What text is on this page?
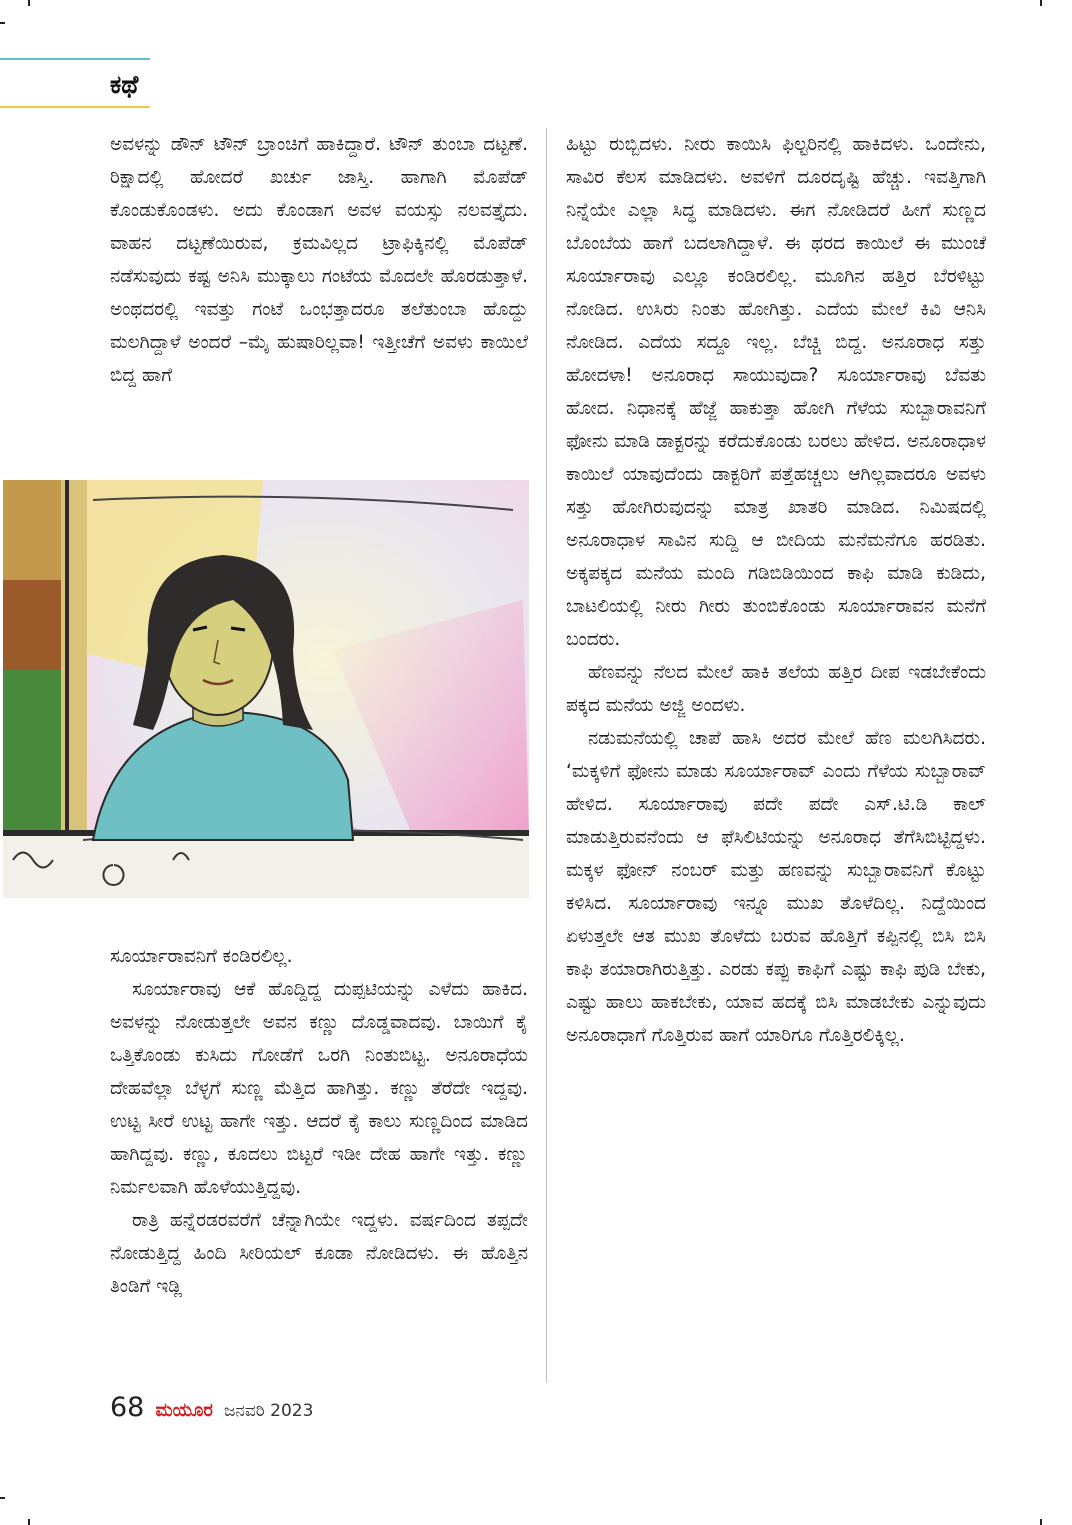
ಕಥೆ

ಅವಳನ್ನು ಡೌನ್ ಟೌನ್ ಬ್ರಾಂಚಿಗೆ ಹಾಕಿದ್ದಾರೆ. ಟೌನ್ ತುಂಬಾ ದಟ್ಟಣೆ. ರಿಕ್ಷಾದಲ್ಲಿ ಹೋದರೆ ಖರ್ಚು ಜಾಸ್ತಿ. ಹಾಗಾಗಿ ಮೊಪೆಡ್ ಕೊಂಡುಕೊಂಡಳು. ಅದು ಕೊಂಡಾಗ ಅವಳ ವಯಸ್ಸು ನಲವತ್ತೈದು. ವಾಹನ ದಟ್ಟಣೆಯಿರುವ, ಕ್ರಮವಿಲ್ಲದ ಟ್ರಾಫಿಕ್ಕಿನಲ್ಲಿ ಮೊಪೆಡ್ ನಡೆಸುವುದು ಕಷ್ಟ ಅನಿಸಿ ಮುಕ್ಕಾಲು ಗಂಟೆಯ ಮೊದಲೇ ಹೊರಡುತ್ತಾಳೆ. ಅಂಥದರಲ್ಲಿ ಇವತ್ತು ಗಂಟೆ ಒಂಭತ್ತಾದರೂ ತಲೆತುಂಬಾ ಹೊದ್ದು ಮಲಗಿದ್ದಾಳೆ ಅಂದರೆ –ಮೈ ಹುಷಾರಿಲ್ಲವಾ! ಇತ್ತೀಚೆಗೆ ಅವಳು ಕಾಯಿಲೆ ಬಿದ್ದ ಹಾಗೆ

ಸೂರ್ಯಾರಾವನಿಗೆ ಕಂಡಿರಲಿಲ್ಲ.

ಸೂರ್ಯಾರಾವು ಆಕೆ ಹೊದ್ದಿದ್ದ ದುಪ್ಪಟಿಯನ್ನು ಎಳೆದು ಹಾಕಿದ. ಅವಳನ್ನು ನೋಡುತ್ತಲೇ ಅವನ ಕಣ್ಣು ದೊಡ್ಡವಾದವು. ಬಾಯಿಗೆ ಕೈ ಒತ್ತಿಕೊಂಡು ಕುಸಿದು ಗೋಡೆಗೆ ಒರಗಿ ನಿಂತುಬಿಟ್ಟ. ಅನೂರಾಧೆಯ ದೇಹವೆಲ್ಲಾ ಬೆಳ್ಳಗೆ ಸುಣ್ಣ ಮೆತ್ತಿದ ಹಾಗಿತ್ತು. ಕಣ್ಣು ತೆರೆದೇ ಇದ್ದವು. ಉಟ್ಟ ಸೀರೆ ಉಟ್ಟ ಹಾಗೇ ಇತ್ತು. ಆದರೆ ಕೈ ಕಾಲು ಸುಣ್ಣದಿಂದ ಮಾಡಿದ ಹಾಗಿದ್ದವು. ಕಣ್ಣು, ಕೂದಲು ಬಿಟ್ಟರೆ ಇಡೀ ದೇಹ ಹಾಗೇ ಇತ್ತು. ಕಣ್ಣು ನಿರ್ಮಲವಾಗಿ ಹೊಳೆಯುತ್ತಿದ್ದವು.

ರಾತ್ರಿ ಹನ್ನೆರಡರವರೆಗೆ ಚೆನ್ನಾಗಿಯೇ ಇದ್ದಳು. ವರ್ಷದಿಂದ ತಪ್ಪದೇ ನೋಡುತ್ತಿದ್ದ ಹಿಂದಿ ಸೀರಿಯಲ್ ಕೂಡಾ ನೋಡಿದಳು. ಈ ಹೊತ್ತಿನ ತಿಂಡಿಗೆ ಇಡ್ಲಿ

ಹಿಟ್ಟು ರುಬ್ಬಿದಳು. ನೀರು ಕಾಯಿಸಿ ಫಿಲ್ಟರಿನಲ್ಲಿ ಹಾಕಿದಳು. ಒಂದೇನು, ಸಾವಿರ ಕೆಲಸ ಮಾಡಿದಳು. ಅವಳಿಗೆ ದೂರದೃಷ್ಟಿ ಹೆಚ್ಚು. ಇವತ್ತಿಗಾಗಿ ನಿನ್ನೆಯೇ ಎಲ್ಲಾ ಸಿದ್ಧ ಮಾಡಿದಳು. ಈಗ ನೋಡಿದರೆ ಹೀಗೆ ಸುಣ್ಣದ ಬೊಂಬೆಯ ಹಾಗೆ ಬದಲಾಗಿದ್ದಾಳೆ. ಈ ಥರದ ಕಾಯಿಲೆ ಈ ಮುಂಚೆ ಸೂರ್ಯಾರಾವು ಎಲ್ಲೂ ಕಂಡಿರಲಿಲ್ಲ. ಮೂಗಿನ ಹತ್ತಿರ ಬೆರಳಿಟ್ಟು ನೋಡಿದ. ಉಸಿರು ನಿಂತು ಹೋಗಿತ್ತು. ಎದೆಯ ಮೇಲೆ ಕಿವಿ ಆನಿಸಿ ನೋಡಿದ. ಎದೆಯ ಸದ್ದೂ ಇಲ್ಲ. ಬೆಚ್ಚಿ ಬಿದ್ದ. ಅನೂರಾಧ ಸತ್ತು ಹೋದಳಾ! ಅನೂರಾಧ ಸಾಯುವುದಾ? ಸೂರ್ಯಾರಾವು ಬೆವತು ಹೋದ. ನಿಧಾನಕ್ಕೆ ಹೆಜ್ಜೆ ಹಾಕುತ್ತಾ ಹೋಗಿ ಗೆಳೆಯ ಸುಬ್ಬಾರಾವನಿಗೆ ಫೋನು ಮಾಡಿ ಡಾಕ್ಟರನ್ನು ಕರೆದುಕೊಂಡು ಬರಲು ಹೇಳಿದ. ಅನೂರಾಧಾಳ ಕಾಯಿಲೆ ಯಾವುದೆಂದು ಡಾಕ್ಟರಿಗೆ ಪತ್ತೆಹಚ್ಚಲು ಆಗಿಲ್ಲವಾದರೂ ಅವಳು ಸತ್ತು ಹೋಗಿರುವುದನ್ನು ಮಾತ್ರ ಖಾತರಿ ಮಾಡಿದ. ನಿಮಿಷದಲ್ಲಿ ಅನೂರಾಧಾಳ ಸಾವಿನ ಸುದ್ದಿ ಆ ಬೀದಿಯ ಮನೆಮನೆಗೂ ಹರಡಿತು. ಅಕ್ಕಪಕ್ಕದ ಮನೆಯ ಮಂದಿ ಗಡಿಬಿಡಿಯಿಂದ ಕಾಫಿ ಮಾಡಿ ಕುಡಿದು, ಬಾಟಲಿಯಲ್ಲಿ ನೀರು ಗೀರು ತುಂಬಿಕೊಂಡು ಸೂರ್ಯಾರಾವನ ಮನೆಗೆ ಬಂದರು.

ಹೆಣವನ್ನು ನೆಲದ ಮೇಲೆ ಹಾಕಿ ತಲೆಯ ಹತ್ತಿರ ದೀಪ ಇಡಬೇಕೆಂದು ಪಕ್ಕದ ಮನೆಯ ಅಜ್ಜಿ ಅಂದಳು.

ನಡುಮನೆಯಲ್ಲಿ ಚಾಪೆ ಹಾಸಿ ಅದರ ಮೇಲೆ ಹೆಣ ಮಲಗಿಸಿದರು. ‘ಮಕ್ಕಳಿಗೆ ಫೋನು ಮಾಡು ಸೂರ್ಯಾರಾವ್ ಎಂದು ಗೆಳೆಯ ಸುಬ್ಬಾರಾವ್ ಹೇಳಿದ. ಸೂರ್ಯಾರಾವು ಪದೇ ಪದೇ ಎಸ್.ಟಿ.ಡಿ ಕಾಲ್ ಮಾಡುತ್ತಿರುವನೆಂದು ಆ ಫೆಸಿಲಿಟಿಯನ್ನು ಅನೂರಾಧ ತೆಗೆಸಿಬಿಟ್ಟಿದ್ದಳು. ಮಕ್ಕಳ ಫೋನ್ ನಂಬರ್ ಮತ್ತು ಹಣವನ್ನು ಸುಬ್ಬಾರಾವನಿಗೆ ಕೊಟ್ಟು ಕಳಿಸಿದ. ಸೂರ್ಯಾರಾವು ಇನ್ನೂ ಮುಖ ತೊಳೆದಿಲ್ಲ. ನಿದ್ದೆಯಿಂದ ಏಳುತ್ತಲೇ ಆತ ಮುಖ ತೊಳೆದು ಬರುವ ಹೊತ್ತಿಗೆ ಕಪ್ಪಿನಲ್ಲಿ ಬಿಸಿ ಬಿಸಿ ಕಾಫಿ ತಯಾರಾಗಿರುತ್ತಿತ್ತು. ಎರಡು ಕಪ್ಪು ಕಾಫಿಗೆ ಎಷ್ಟು ಕಾಫಿ ಪುಡಿ ಬೇಕು, ಎಷ್ಟು ಹಾಲು ಹಾಕಬೇಕು, ಯಾವ ಹದಕ್ಕೆ ಬಿಸಿ ಮಾಡಬೇಕು ಎನ್ನುವುದು ಅನೂರಾಧಾಗೆ ಗೊತ್ತಿರುವ ಹಾಗೆ ಯಾರಿಗೂ ಗೊತ್ತಿರಲಿಕ್ಕಿಲ್ಲ.

68 ಮಯೂರ ಜನವರಿ 2023
